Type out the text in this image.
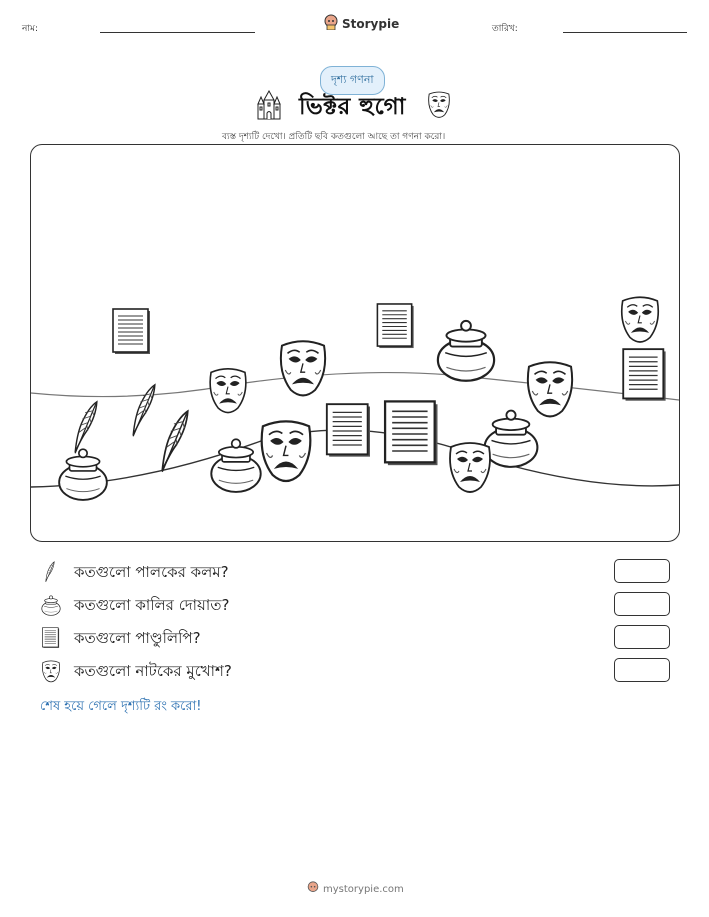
নাম:	Storypie	তারিখ:
দৃশ্য গণনা
ভিক্টর হুগো
ব্যস্ত দৃশ্যটি দেখো। প্রতিটি ছবি কতগুলো আছে তা গণনা করো।
কতগুলো পালকের কলম?
কতগুলো কালির দোয়াত?
কতগুলো পাণ্ডুলিপি?
কতগুলো নাটকের মুখোশ?
শেষ হয়ে গেলে দৃশ্যটি রং করো!
mystorypie.com
